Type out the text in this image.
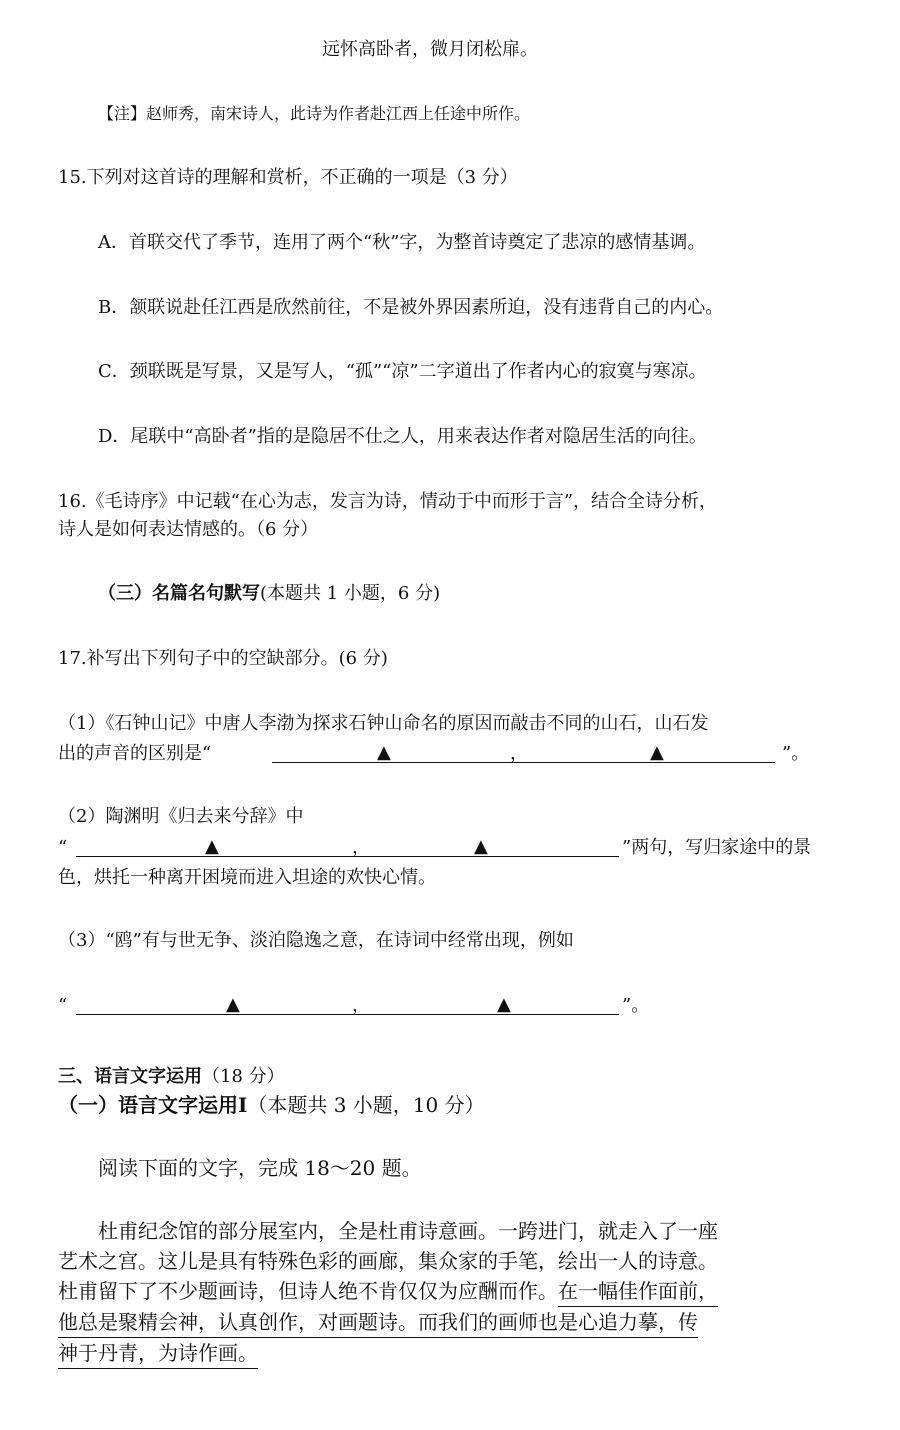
远怀高卧者，微月闭松扉。
【注】赵师秀，南宋诗人，此诗为作者赴江西上任途中所作。
15.下列对这首诗的理解和赏析，不正确的一项是（3 分）
A．首联交代了季节，连用了两个“秋”字，为整首诗奠定了悲凉的感情基调。
B．颔联说赴任江西是欣然前往，不是被外界因素所迫，没有违背自己的内心。
C．颈联既是写景，又是写人，“孤”“凉”二字道出了作者内心的寂寞与寒凉。
D．尾联中“高卧者”指的是隐居不仕之人，用来表达作者对隐居生活的向往。
16.《毛诗序》中记载“在心为志，发言为诗，情动于中而形于言”，结合全诗分析，
诗人是如何表达情感的。（6 分）
（三）名篇名句默写(本题共 1 小题，6 分)
17.补写出下列句子中的空缺部分。(6 分)
（1）《石钟山记》中唐人李渤为探求石钟山命名的原因而敲击不同的山石，山石发
出的声音的区别是“	▲	，	▲	”。
（2）陶渊明《归去来兮辞》中
“	▲	，	▲	”两句，写归家途中的景
色，烘托一种离开困境而进入坦途的欢快心情。
（3）“鸥”有与世无争、淡泊隐逸之意，在诗词中经常出现，例如
“	▲	，	▲	”。
三、语言文字运用（18 分）
（一）语言文字运用Ⅰ（本题共 3 小题，10 分）
阅读下面的文字，完成 18～20 题。
杜甫纪念馆的部分展室内，全是杜甫诗意画。一跨进门，就走入了一座
艺术之宫。这儿是具有特殊色彩的画廊，集众家的手笔，绘出一人的诗意。
杜甫留下了不少题画诗，但诗人绝不肯仅仅为应酬而作。在一幅佳作面前，
他总是聚精会神，认真创作，对画题诗。而我们的画师也是心追力摹，传
神于丹青，为诗作画。
